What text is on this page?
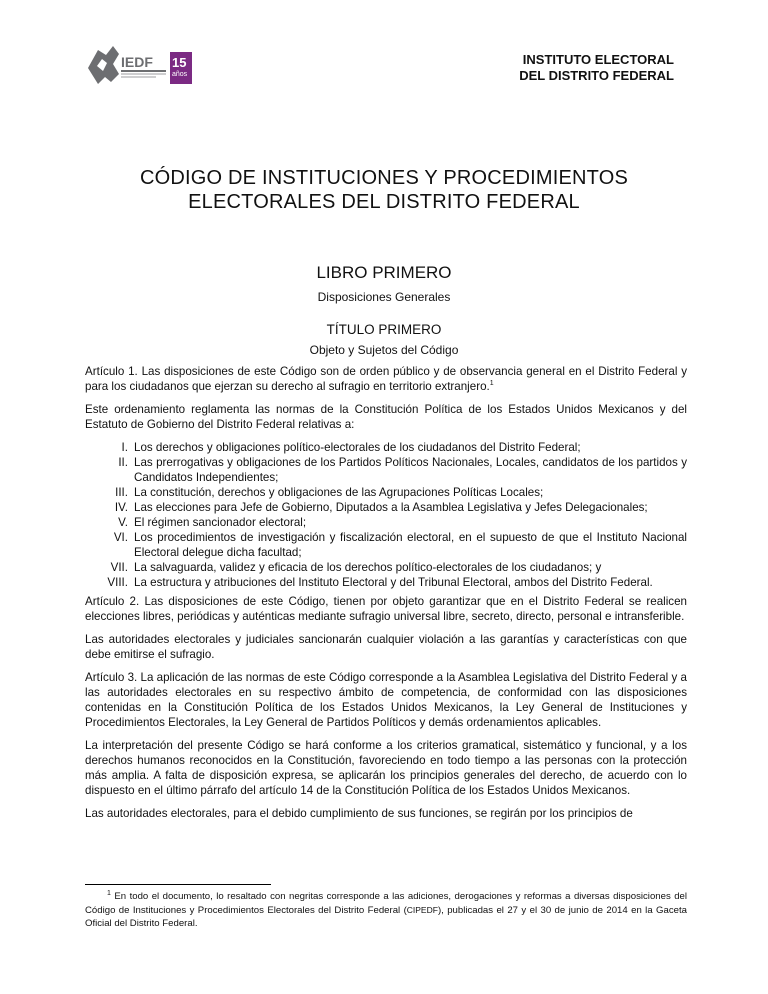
IEDF 15
años
INSTITUTO ELECTORAL
DEL DISTRITO FEDERAL
CÓDIGO DE INSTITUCIONES Y PROCEDIMIENTOS
ELECTORALES DEL DISTRITO FEDERAL
LIBRO PRIMERO
Disposiciones Generales
TÍTULO PRIMERO
Objeto y Sujetos del Código

Artículo 1. Las disposiciones de este Código son de orden público y de observancia general en el Distrito Federal y para los ciudadanos que ejerzan su derecho al sufragio en territorio extranjero.$^1$

Este ordenamiento reglamenta las normas de la Constitución Política de los Estados Unidos Mexicanos y del Estatuto de Gobierno del Distrito Federal relativas a:

I. Los derechos y obligaciones político-electorales de los ciudadanos del Distrito Federal;
II. Las prerrogativas y obligaciones de los Partidos Políticos Nacionales, Locales, candidatos de los partidos y Candidatos Independientes;
III. La constitución, derechos y obligaciones de las Agrupaciones Políticas Locales;
IV. Las elecciones para Jefe de Gobierno, Diputados a la Asamblea Legislativa y Jefes Delegacionales;
V. El régimen sancionador electoral;
VI. Los procedimientos de investigación y fiscalización electoral, en el supuesto de que el Instituto Nacional Electoral delegue dicha facultad;
VII. La salvaguarda, validez y eficacia de los derechos político-electorales de los ciudadanos; y
VIII. La estructura y atribuciones del Instituto Electoral y del Tribunal Electoral, ambos del Distrito Federal.

Artículo 2. Las disposiciones de este Código, tienen por objeto garantizar que en el Distrito Federal se realicen elecciones libres, periódicas y auténticas mediante sufragio universal libre, secreto, directo, personal e intransferible.

Las autoridades electorales y judiciales sancionarán cualquier violación a las garantías y características con que debe emitirse el sufragio.

Artículo 3. La aplicación de las normas de este Código corresponde a la Asamblea Legislativa del Distrito Federal y a las autoridades electorales en su respectivo ámbito de competencia, de conformidad con las disposiciones contenidas en la Constitución Política de los Estados Unidos Mexicanos, la Ley General de Instituciones y Procedimientos Electorales, la Ley General de Partidos Políticos y demás ordenamientos aplicables.

La interpretación del presente Código se hará conforme a los criterios gramatical, sistemático y funcional, y a los derechos humanos reconocidos en la Constitución, favoreciendo en todo tiempo a las personas con la protección más amplia. A falta de disposición expresa, se aplicarán los principios generales del derecho, de acuerdo con lo dispuesto en el último párrafo del artículo 14 de la Constitución Política de los Estados Unidos Mexicanos.

Las autoridades electorales, para el debido cumplimiento de sus funciones, se regirán por los principios de

$^1$ En todo el documento, lo resaltado con negritas corresponde a las adiciones, derogaciones y reformas a diversas disposiciones del Código de Instituciones y Procedimientos Electorales del Distrito Federal (CIPEDF), publicadas el 27 y el 30 de junio de 2014 en la Gaceta Oficial del Distrito Federal.
